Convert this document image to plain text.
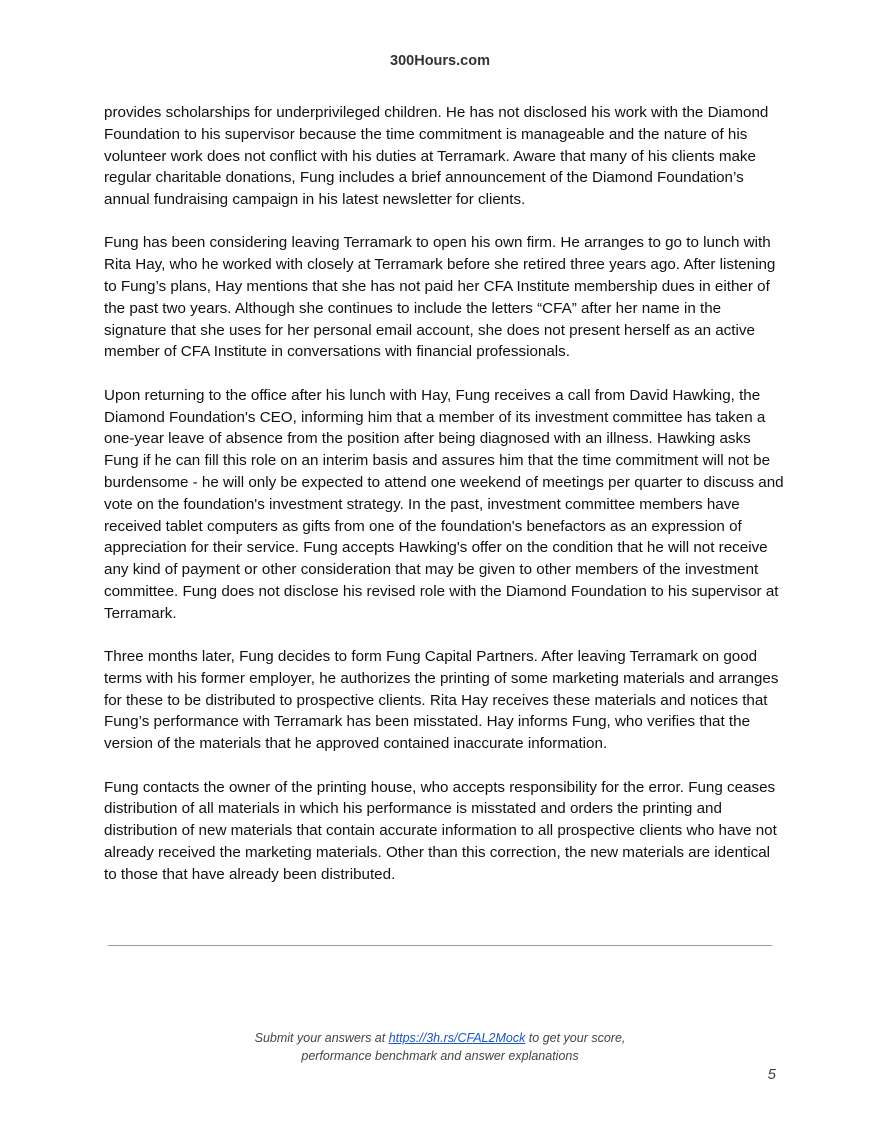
300Hours.com

provides scholarships for underprivileged children. He has not disclosed his work with the Diamond Foundation to his supervisor because the time commitment is manageable and the nature of his volunteer work does not conflict with his duties at Terramark. Aware that many of his clients make regular charitable donations, Fung includes a brief announcement of the Diamond Foundation’s annual fundraising campaign in his latest newsletter for clients.

Fung has been considering leaving Terramark to open his own firm. He arranges to go to lunch with Rita Hay, who he worked with closely at Terramark before she retired three years ago. After listening to Fung’s plans, Hay mentions that she has not paid her CFA Institute membership dues in either of the past two years. Although she continues to include the letters “CFA” after her name in the signature that she uses for her personal email account, she does not present herself as an active member of CFA Institute in conversations with financial professionals.

Upon returning to the office after his lunch with Hay, Fung receives a call from David Hawking, the Diamond Foundation's CEO, informing him that a member of its investment committee has taken a one-year leave of absence from the position after being diagnosed with an illness. Hawking asks Fung if he can fill this role on an interim basis and assures him that the time commitment will not be burdensome - he will only be expected to attend one weekend of meetings per quarter to discuss and vote on the foundation's investment strategy. In the past, investment committee members have received tablet computers as gifts from one of the foundation's benefactors as an expression of appreciation for their service. Fung accepts Hawking's offer on the condition that he will not receive any kind of payment or other consideration that may be given to other members of the investment committee. Fung does not disclose his revised role with the Diamond Foundation to his supervisor at Terramark.

Three months later, Fung decides to form Fung Capital Partners. After leaving Terramark on good terms with his former employer, he authorizes the printing of some marketing materials and arranges for these to be distributed to prospective clients. Rita Hay receives these materials and notices that Fung’s performance with Terramark has been misstated. Hay informs Fung, who verifies that the version of the materials that he approved contained inaccurate information.

Fung contacts the owner of the printing house, who accepts responsibility for the error. Fung ceases distribution of all materials in which his performance is misstated and orders the printing and distribution of new materials that contain accurate information to all prospective clients who have not already received the marketing materials. Other than this correction, the new materials are identical to those that have already been distributed.

Submit your answers at https://3h.rs/CFAL2Mock to get your score,
performance benchmark and answer explanations
5
